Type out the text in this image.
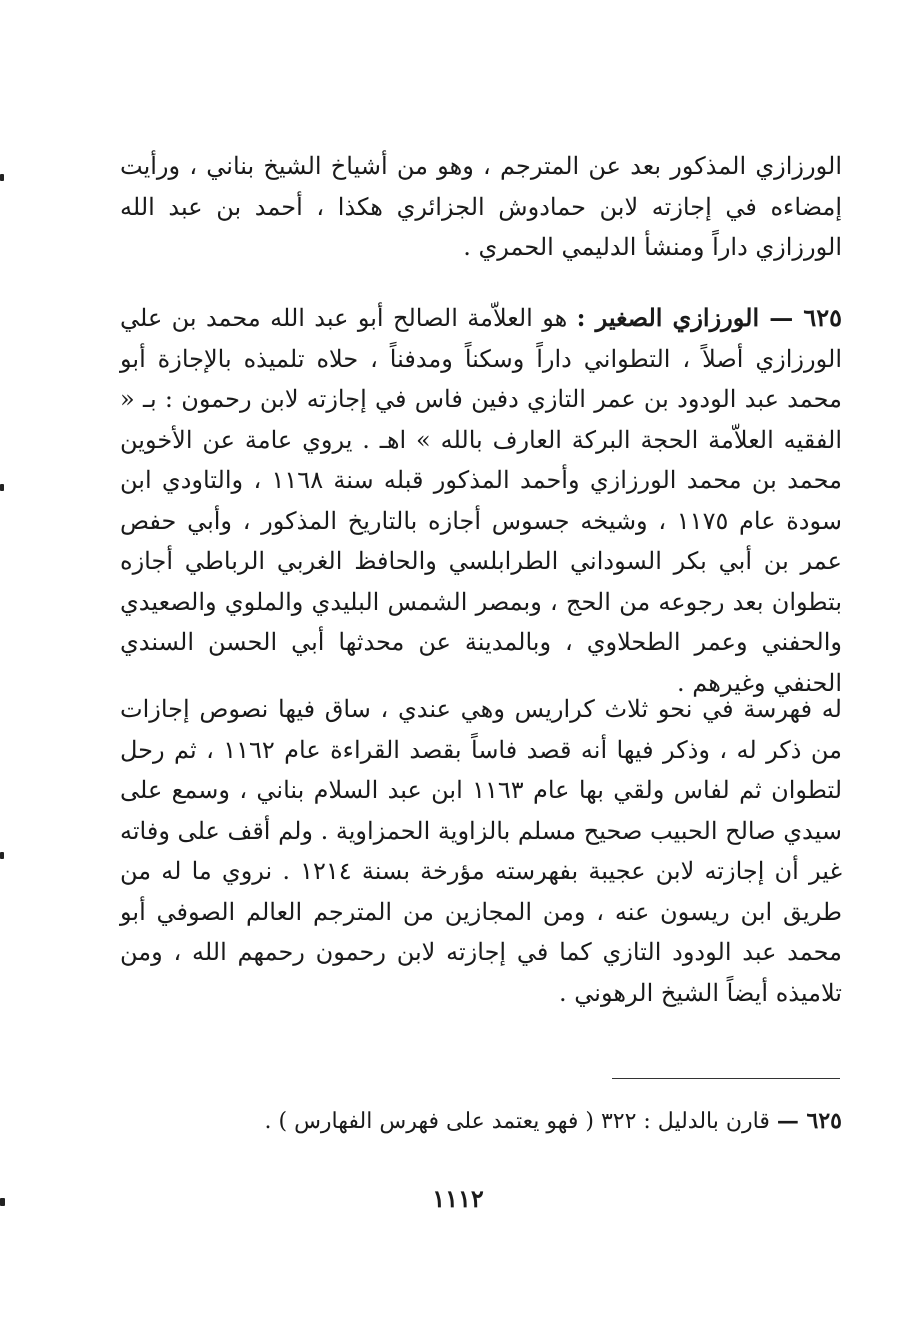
الورزازي المذكور بعد عن المترجم ، وهو من أشياخ الشيخ بناني ، ورأيت إمضاءه في إجازته لابن حمادوش الجزائري هكذا ، أحمد بن عبد الله الورزازي داراً ومنشأ الدليمي الحمري .

٦٢٥ — الورزازي الصغير : هو العلاّمة الصالح أبو عبد الله محمد بن علي الورزازي أصلاً ، التطواني داراً وسكناً ومدفناً ، حلاه تلميذه بالإجازة أبو محمد عبد الودود بن عمر التازي دفين فاس في إجازته لابن رحمون : بـ « الفقيه العلاّمة الحجة البركة العارف بالله » اهـ . يروي عامة عن الأخوين محمد بن محمد الورزازي وأحمد المذكور قبله سنة ١١٦٨ ، والتاودي ابن سودة عام ١١٧٥ ، وشيخه جسوس أجازه بالتاريخ المذكور ، وأبي حفص عمر بن أبي بكر السوداني الطرابلسي والحافظ الغربي الرباطي أجازه بتطوان بعد رجوعه من الحج ، وبمصر الشمس البليدي والملوي والصعيدي والحفني وعمر الطحلاوي ، وبالمدينة عن محدثها أبي الحسن السندي الحنفي وغيرهم .

له فهرسة في نحو ثلاث كراريس وهي عندي ، ساق فيها نصوص إجازات من ذكر له ، وذكر فيها أنه قصد فاساً بقصد القراءة عام ١١٦٢ ، ثم رحل لتطوان ثم لفاس ولقي بها عام ١١٦٣ ابن عبد السلام بناني ، وسمع على سيدي صالح الحبيب صحيح مسلم بالزاوية الحمزاوية . ولم أقف على وفاته غير أن إجازته لابن عجيبة بفهرسته مؤرخة بسنة ١٢١٤ . نروي ما له من طريق ابن ريسون عنه ، ومن المجازين من المترجم العالم الصوفي أبو محمد عبد الودود التازي كما في إجازته لابن رحمون رحمهم الله ، ومن تلاميذه أيضاً الشيخ الرهوني .

٦٢٥ — قارن بالدليل : ٣٢٢ ( فهو يعتمد على فهرس الفهارس ) .

١١١٢
